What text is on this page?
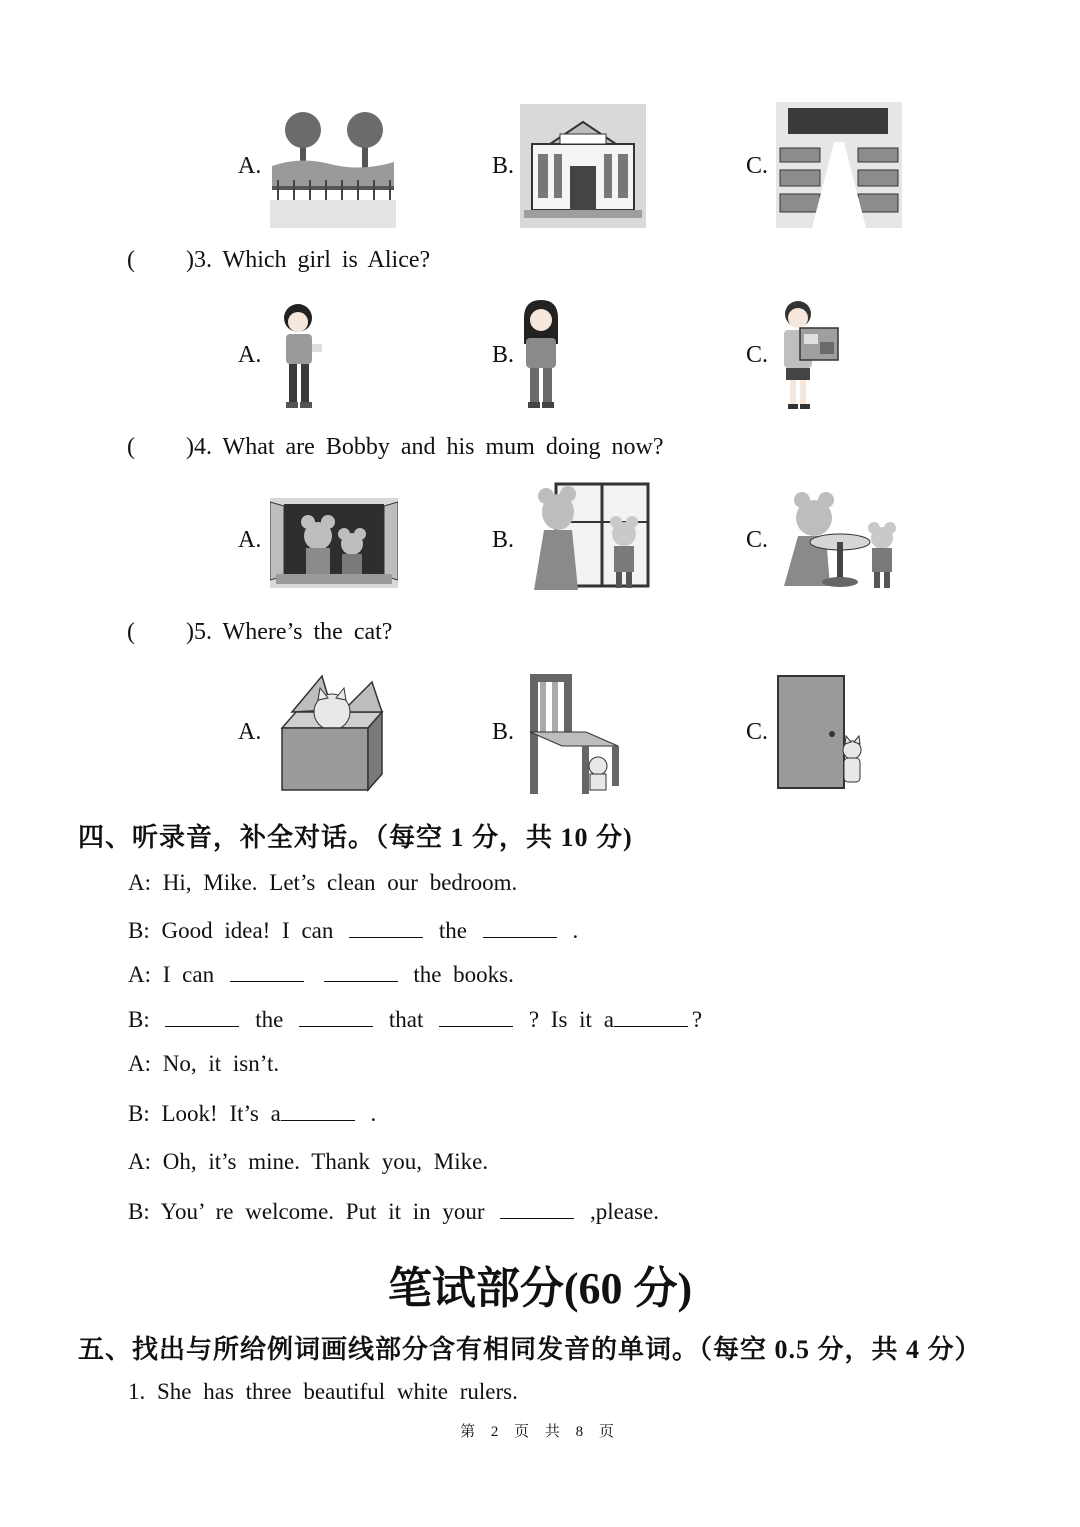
A.	B.	C.
( )3. Which girl is Alice?
A.	B.	C.
( )4. What are Bobby and his mum doing now?
A.	B.	C.
( )5. Where’s the cat?
A.	B.	C.
四、听录音，补全对话。（每空 1 分，共 10 分)
A: Hi, Mike. Let’s clean our bedroom.
B: Good idea! I can	the	.
A: I can	the books.
B:	the	that	? Is it a	?
A: No, it isn’t.
B: Look! It’s a	.
A: Oh, it’s mine. Thank you, Mike.
B: You’ re welcome. Put it in your	,please.
笔试部分(60 分)
五、找出与所给例词画线部分含有相同发音的单词。（每空 0.5 分，共 4 分）
1. She has three beautiful white rulers.
第 2 页 共 8 页
